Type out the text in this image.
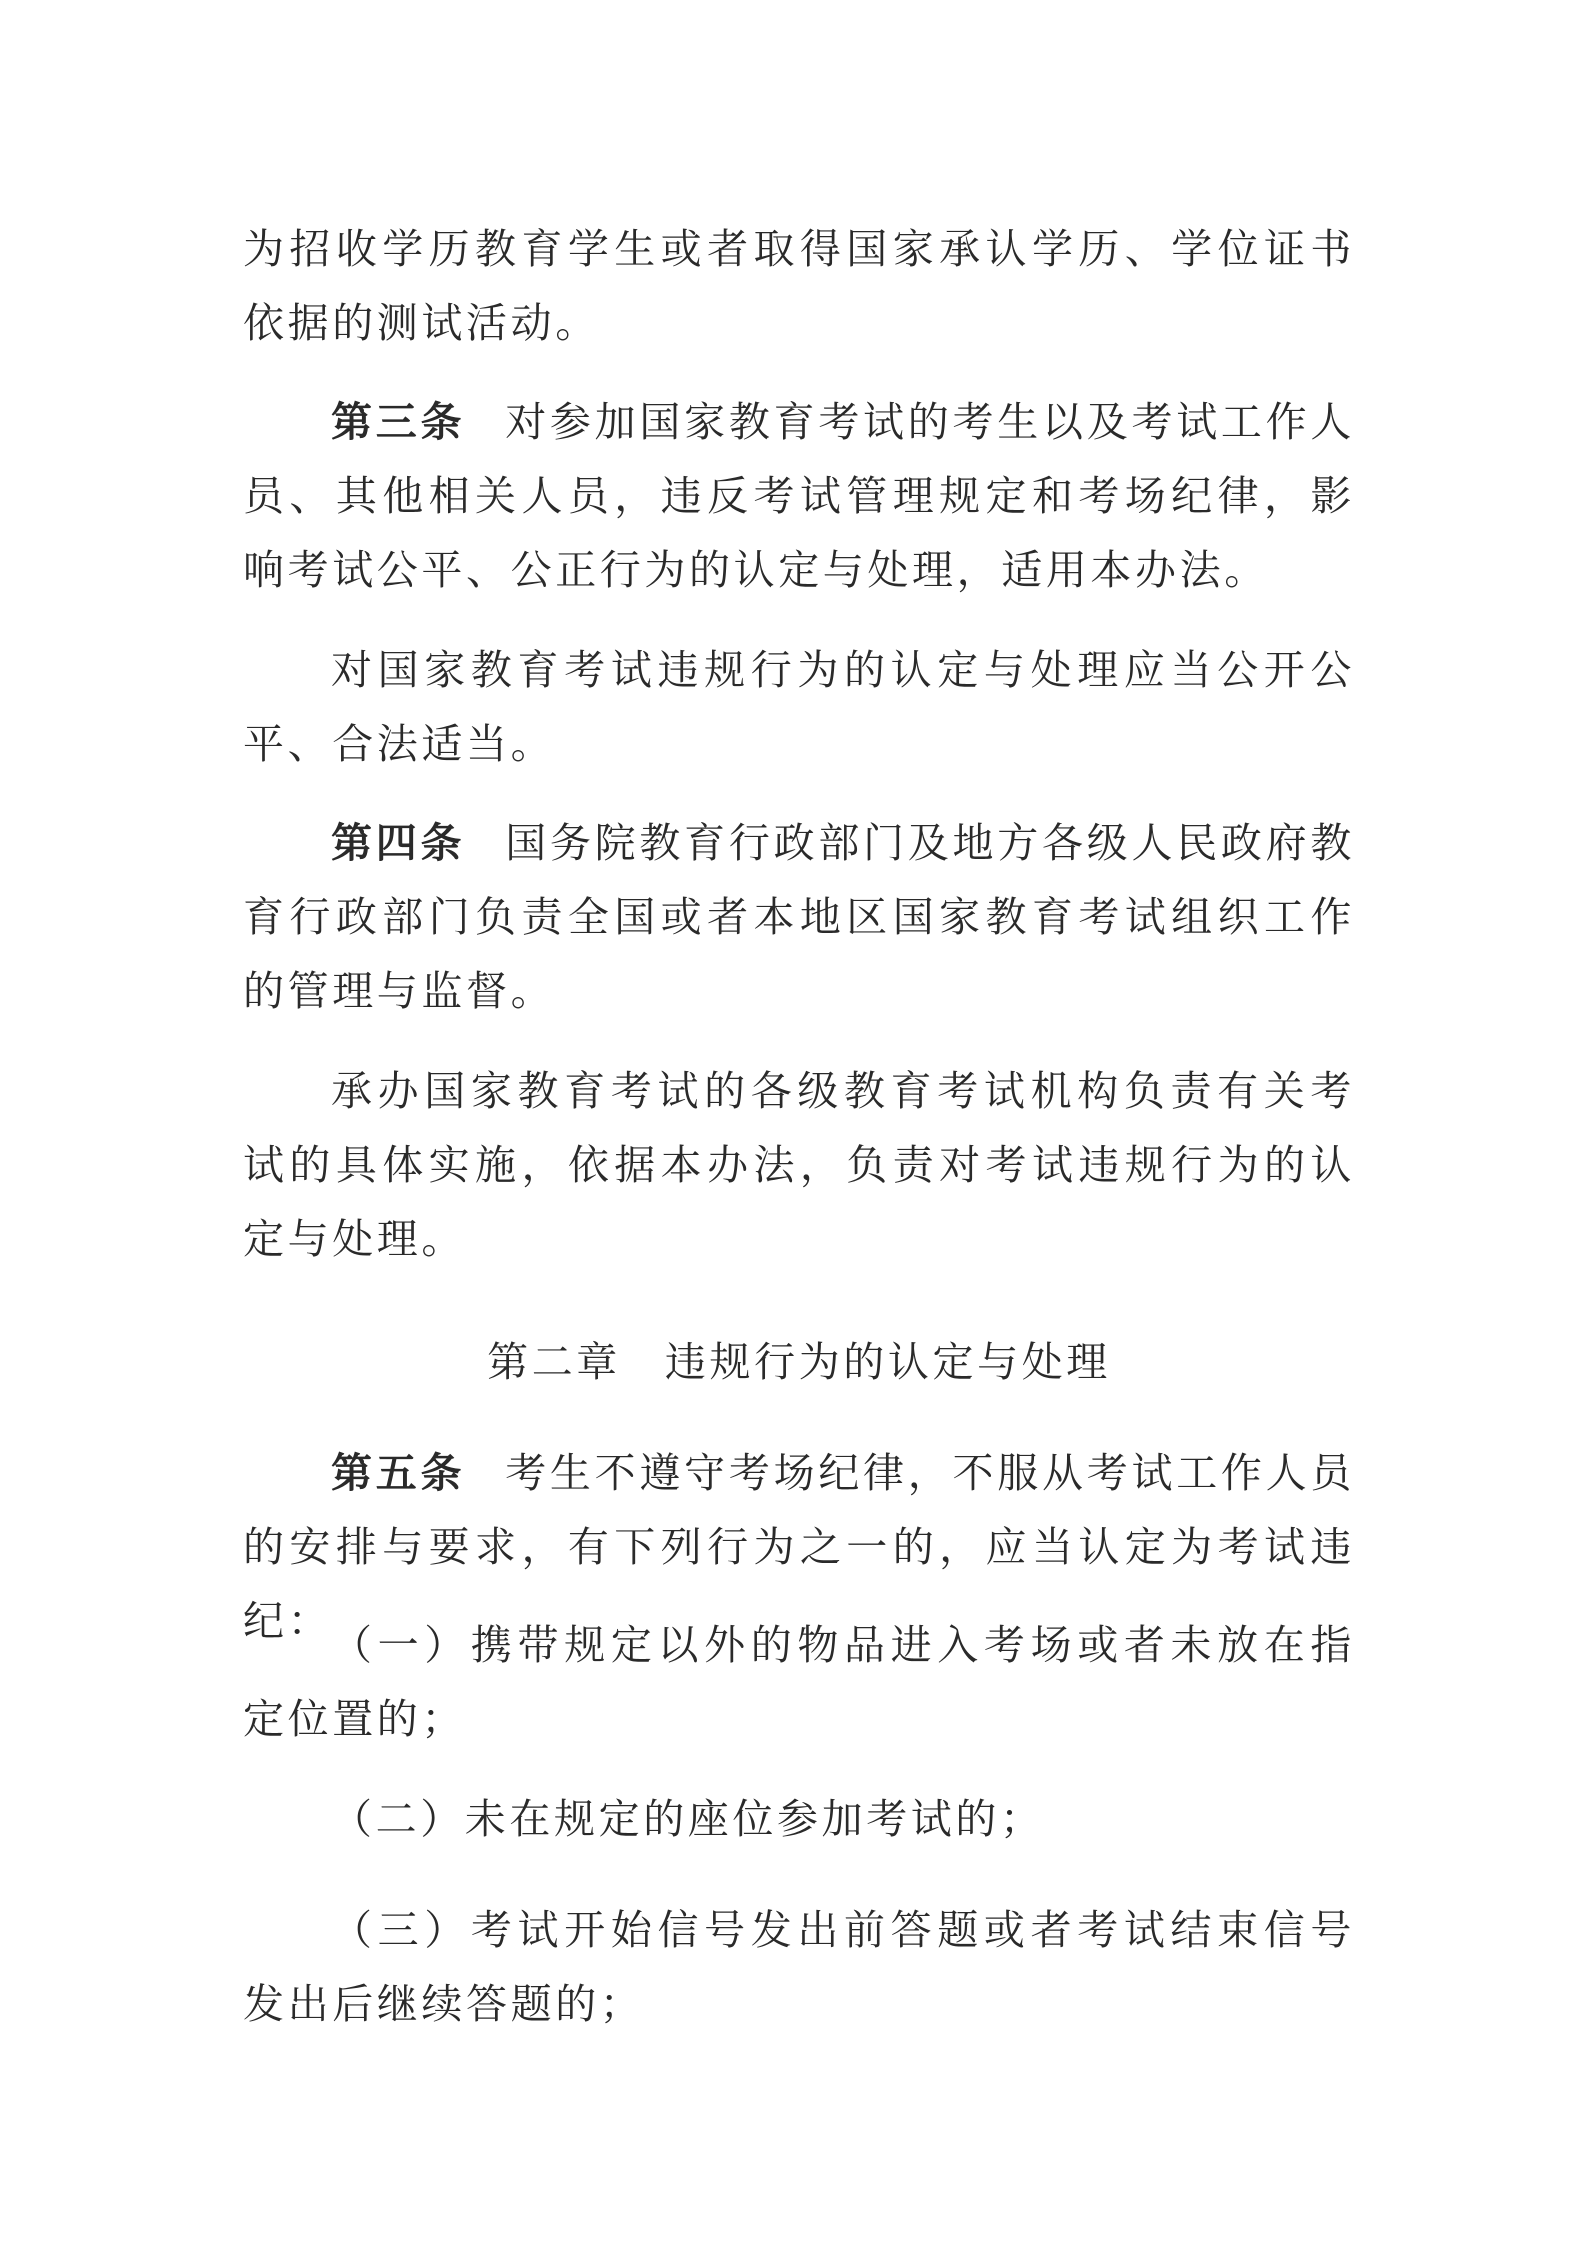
为招收学历教育学生或者取得国家承认学历、学位证书依据的测试活动。

第三条 对参加国家教育考试的考生以及考试工作人员、其他相关人员，违反考试管理规定和考场纪律，影响考试公平、公正行为的认定与处理，适用本办法。

对国家教育考试违规行为的认定与处理应当公开公平、合法适当。

第四条 国务院教育行政部门及地方各级人民政府教育行政部门负责全国或者本地区国家教育考试组织工作的管理与监督。

承办国家教育考试的各级教育考试机构负责有关考试的具体实施，依据本办法，负责对考试违规行为的认定与处理。

第二章 违规行为的认定与处理

第五条 考生不遵守考场纪律，不服从考试工作人员的安排与要求，有下列行为之一的，应当认定为考试违纪：

（一）携带规定以外的物品进入考场或者未放在指定位置的；

（二）未在规定的座位参加考试的；

（三）考试开始信号发出前答题或者考试结束信号发出后继续答题的；
